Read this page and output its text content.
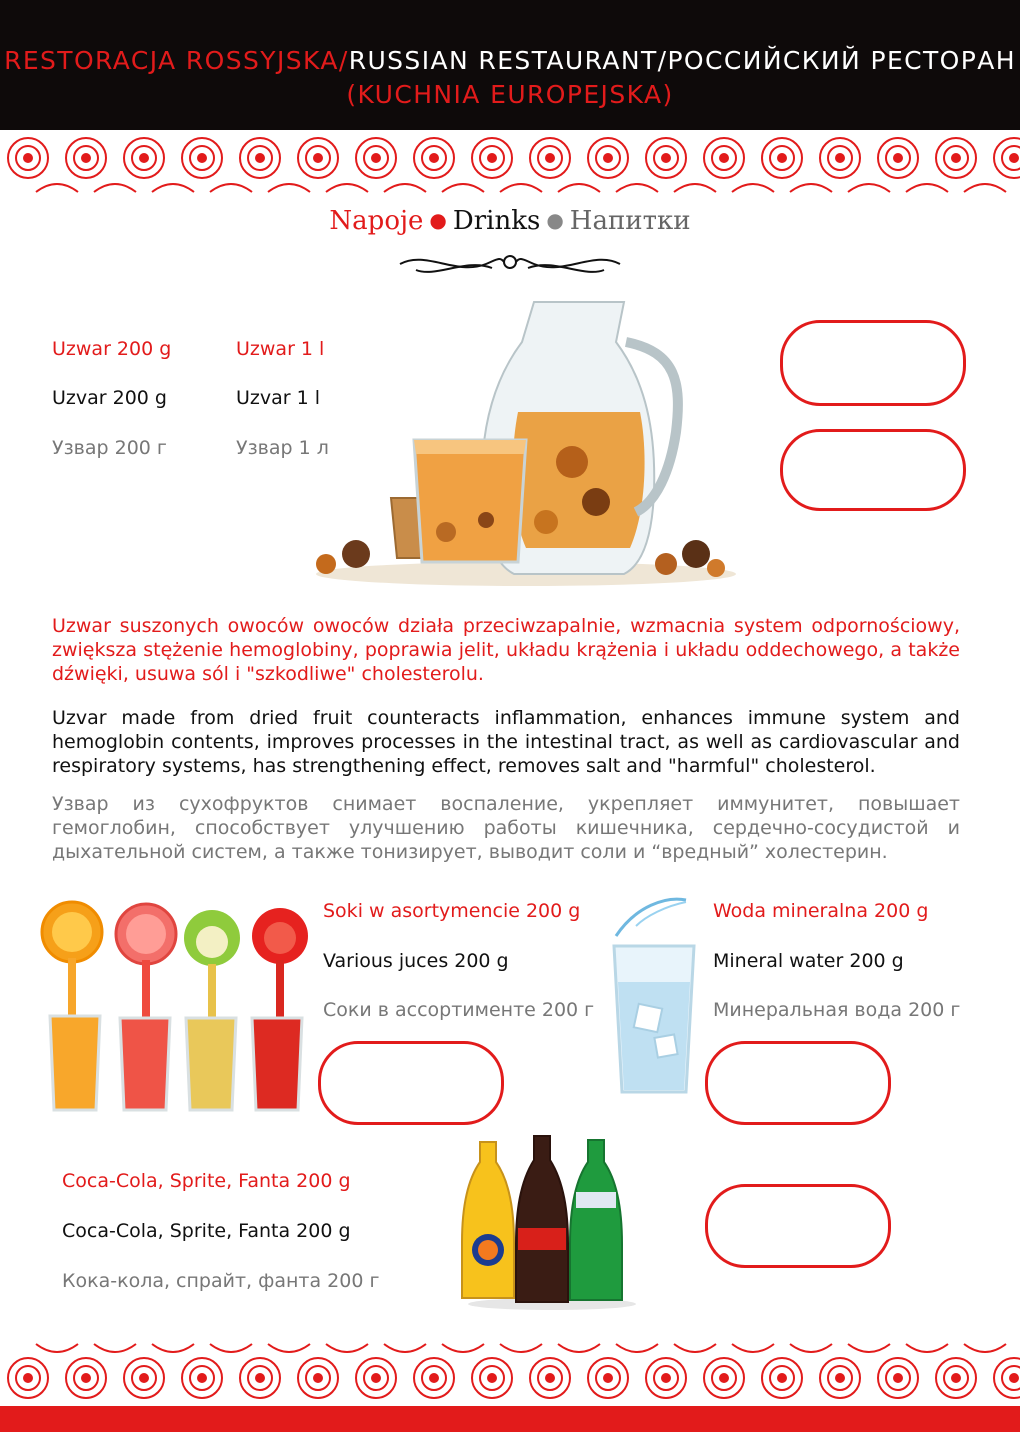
RESTORACJA ROSSYJSKA/RUSSIAN RESTAURANT/РОССИЙСКИЙ РЕСТОРАН
(KUCHNIA EUROPEJSKA)
Napoje ● Drinks ● Напитки
Uzwar 200 g
Uzvar 200 g
Узвар 200 г
Uzwar 1 l
Uzvar 1 l
Узвар 1 л
Uzwar suszonych owoców owoców działa przeciwzapalnie, wzmacnia system odpornościowy, zwiększa stężenie hemoglobiny, poprawia jelit, układu krążenia i układu oddechowego, a także dźwięki, usuwa sól i "szkodliwe" cholesterolu.
Uzvar made from dried fruit counteracts inflammation, enhances immune system and hemoglobin contents, improves processes in the intestinal tract, as well as cardiovascular and respiratory systems, has strengthening effect, removes salt and "harmful" cholesterol.
Узвар из сухофруктов снимает воспаление, укрепляет иммунитет, повышает гемоглобин, способствует улучшению работы кишечника, сердечно-сосудистой и дыхательной систем, а также тонизирует, выводит соли и “вредный” холестерин.
Soki w asortymencie 200 g
Various juces 200 g
Соки в ассортименте 200 г
Woda mineralna 200 g
Mineral water 200 g
Минеральная вода 200 г
Coca-Cola, Sprite, Fanta 200 g
Coca-Cola, Sprite, Fanta 200 g
Кока-кола, спрайт, фанта 200 г
